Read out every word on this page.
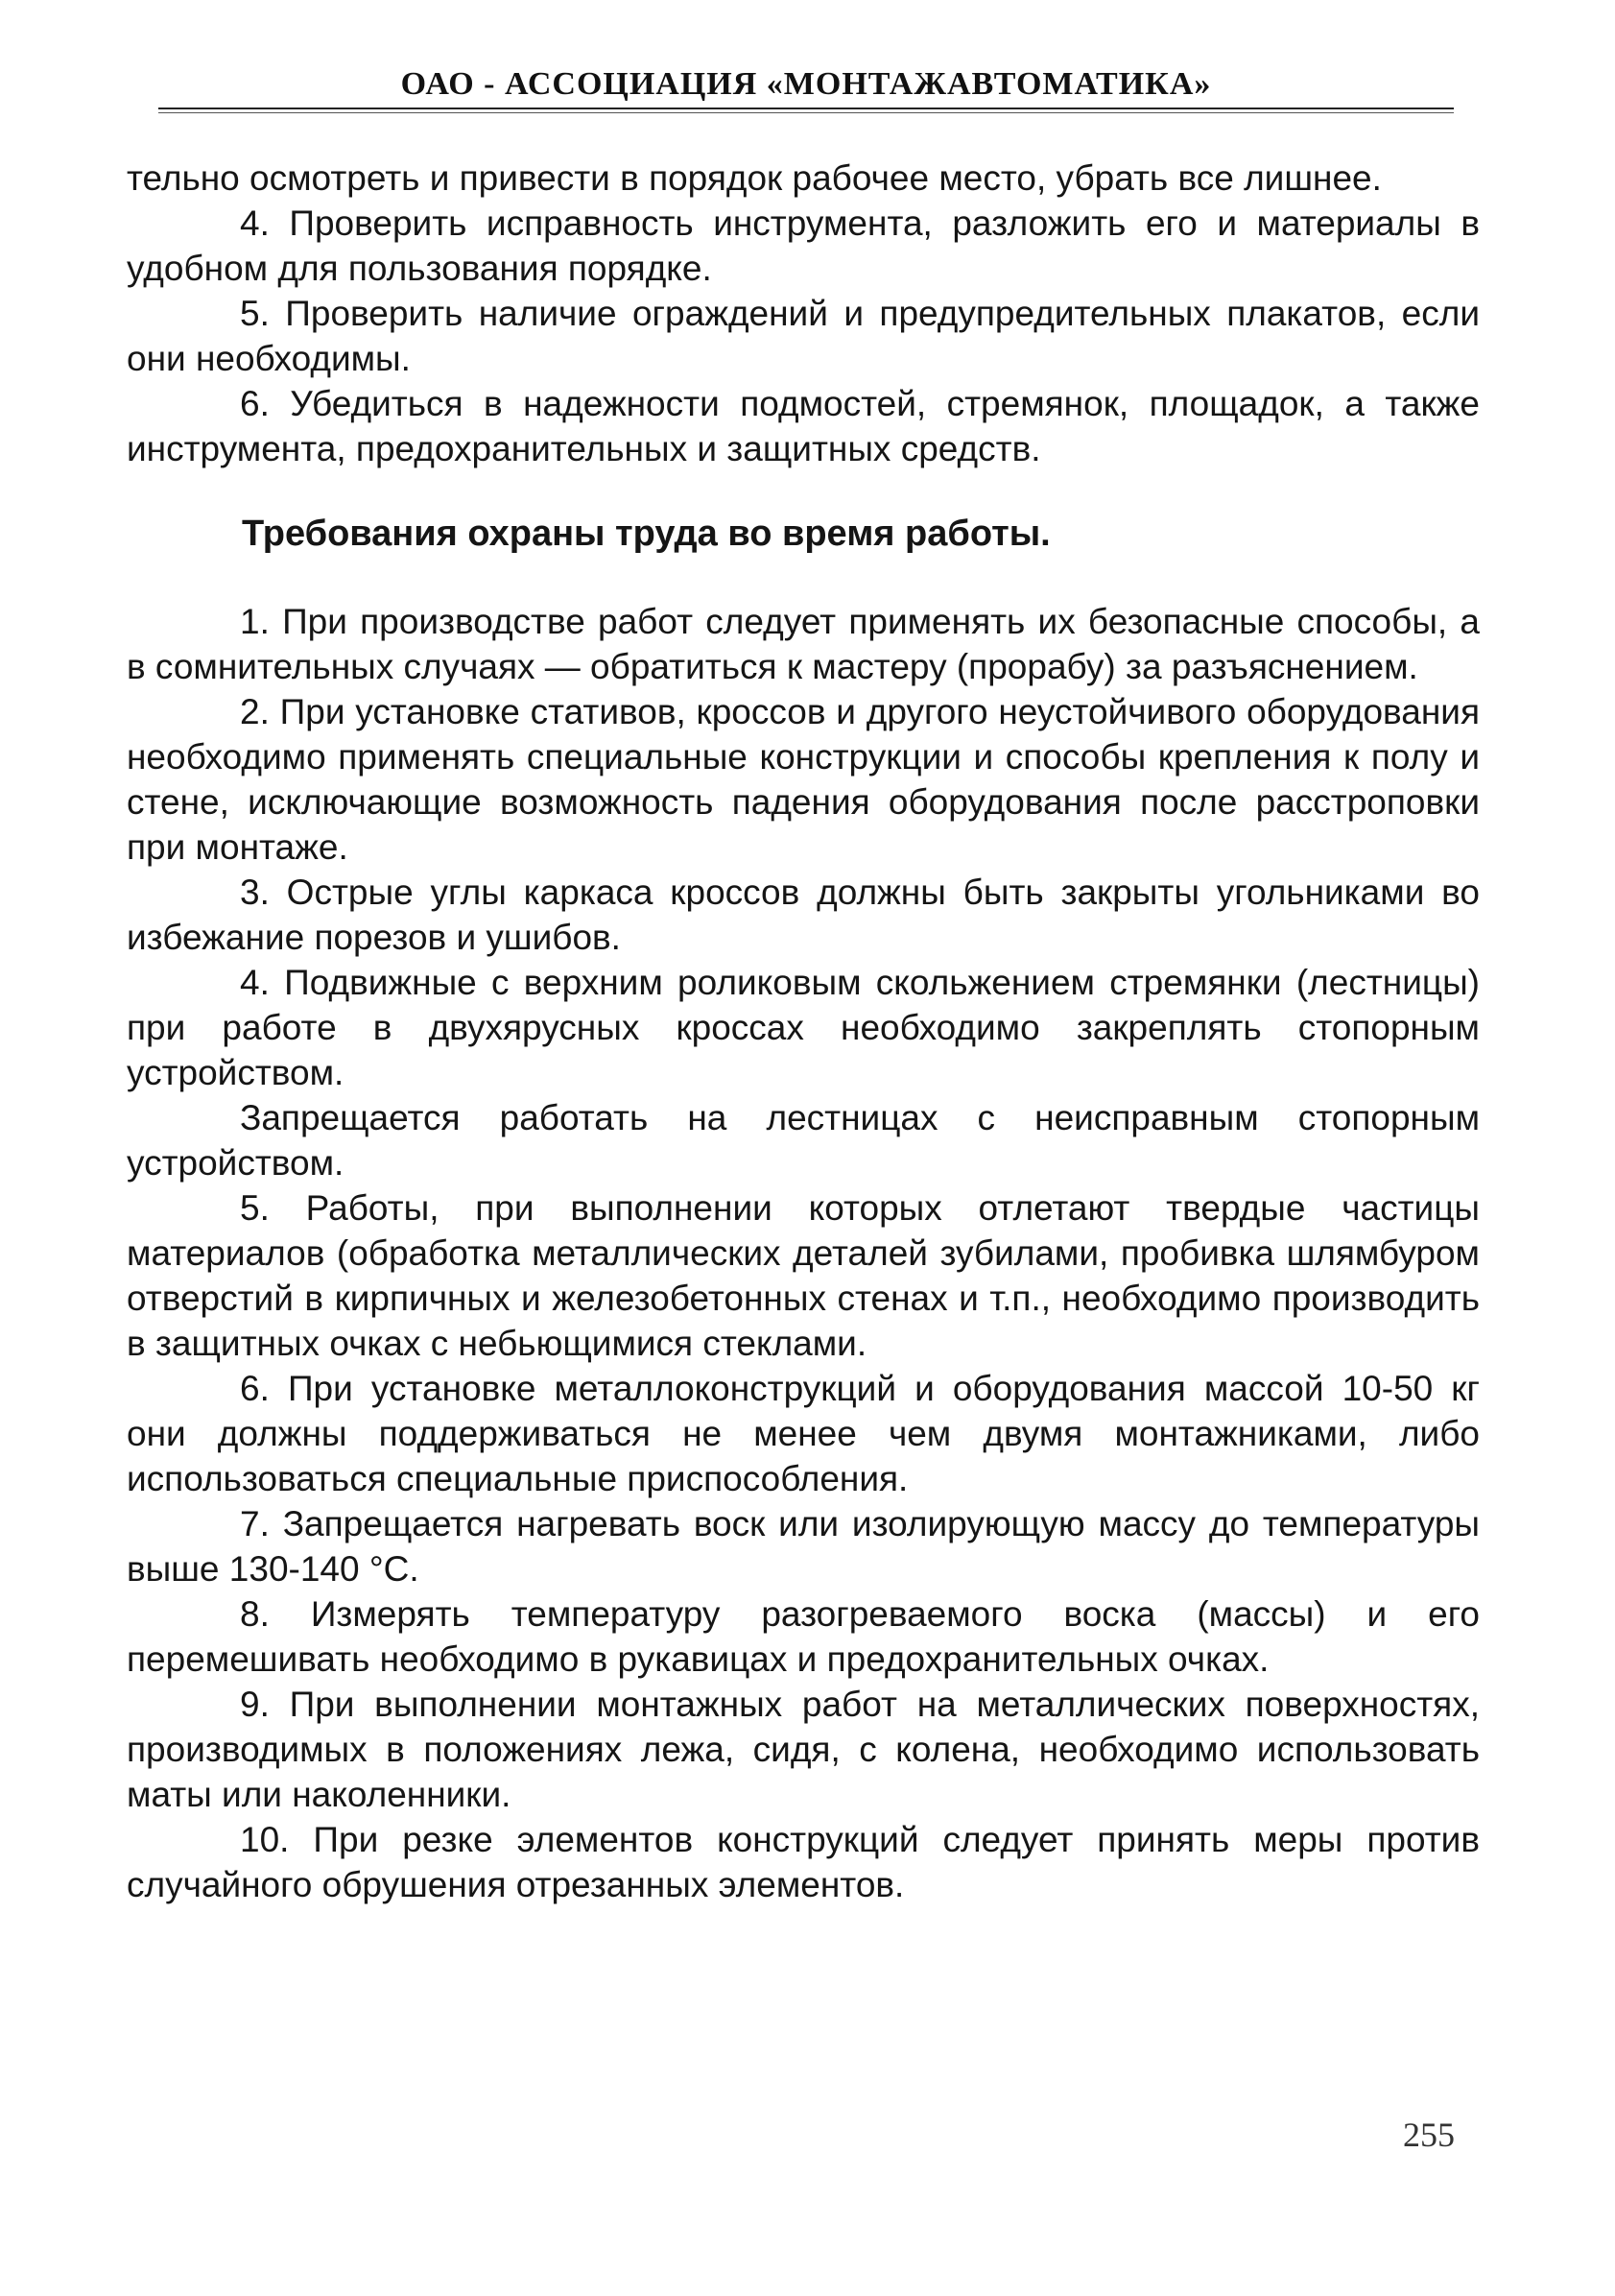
ОАО - АССОЦИАЦИЯ «МОНТАЖАВТОМАТИКА»

тельно осмотреть и привести в порядок рабочее место, убрать все лишнее.

4. Проверить исправность инструмента, разложить его и материалы в удобном для пользования порядке.

5. Проверить наличие ограждений и предупредительных плакатов, если они необходимы.

6. Убедиться в надежности подмостей, стремянок, площадок, а также инструмента, предохранительных и защитных средств.

Требования охраны труда во время работы.

1. При производстве работ следует применять их безопасные способы, а в сомнительных случаях — обратиться к мастеру (прорабу) за разъяснением.

2. При установке стативов, кроссов и другого неустойчивого оборудования необходимо применять специальные конструкции и способы крепления к полу и стене, исключающие возможность падения оборудования после расстроповки при монтаже.

3. Острые углы каркаса кроссов должны быть закрыты угольниками во избежание порезов и ушибов.

4. Подвижные с верхним роликовым скольжением стремянки (лестницы) при работе в двухярусных кроссах необходимо закреплять стопорным устройством.

Запрещается работать на лестницах с неисправным стопорным устройством.

5. Работы, при выполнении которых отлетают твердые частицы материалов (обработка металлических деталей зубилами, пробивка шлямбуром отверстий в кирпичных и железобетонных стенах и т.п., необходимо производить в защитных очках с небьющимися стеклами.

6. При установке металлоконструкций и оборудования массой 10-50 кг они должны поддерживаться не менее чем двумя монтажниками, либо использоваться специальные приспособления.

7. Запрещается нагревать воск или изолирующую массу до температуры выше 130-140 °С.

8. Измерять температуру разогреваемого воска (массы) и его перемешивать необходимо в рукавицах и предохранительных очках.

9. При выполнении монтажных работ на металлических поверхностях, производимых в положениях лежа, сидя, с колена, необходимо использовать маты или наколенники.

10. При резке элементов конструкций следует принять меры против случайного обрушения отрезанных элементов.

255
